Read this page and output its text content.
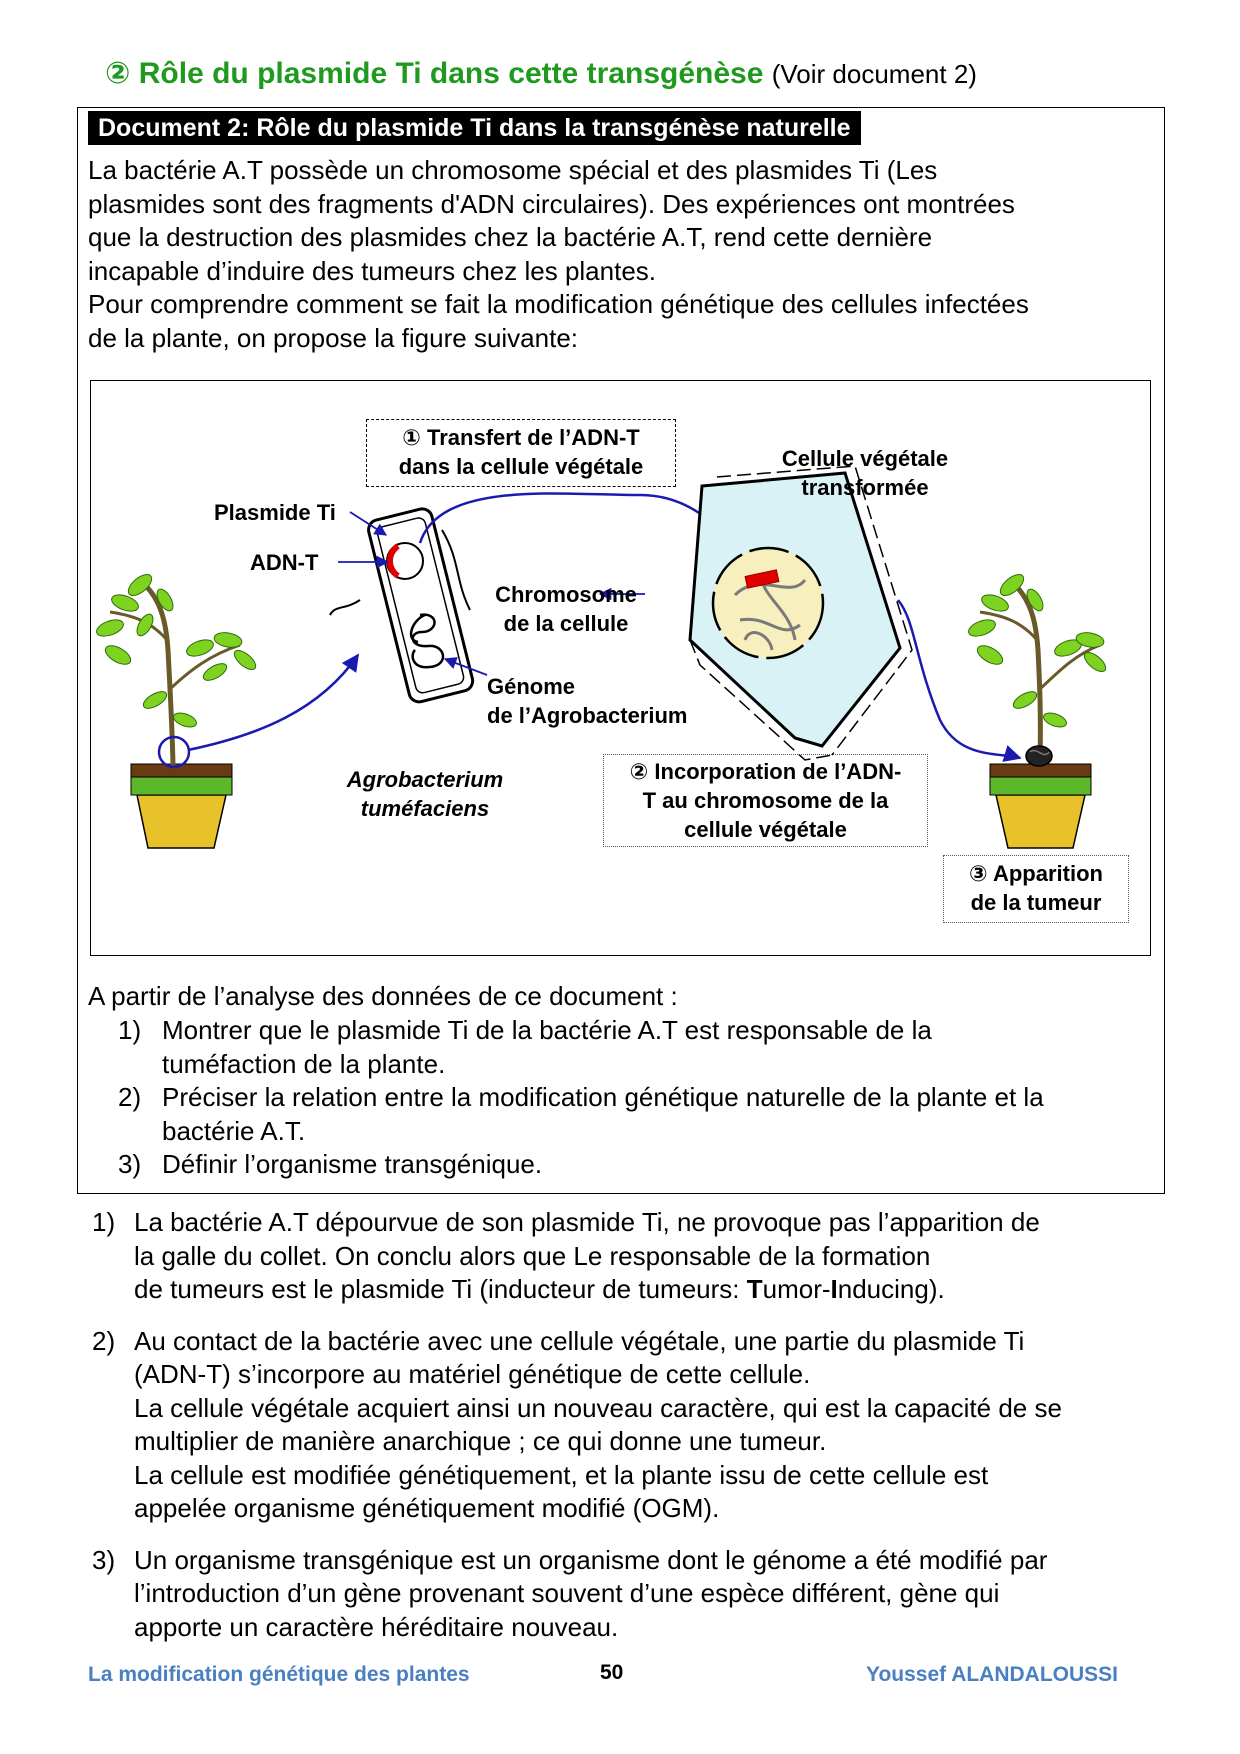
② Rôle du plasmide Ti dans cette transgénèse (Voir document 2)
Document 2: Rôle du plasmide Ti dans la transgénèse naturelle
La bactérie A.T possède un chromosome spécial et des plasmides Ti (Les
plasmides sont des fragments d'ADN circulaires). Des expériences ont montrées
que la destruction des plasmides chez la bactérie A.T, rend cette dernière
incapable d’induire des tumeurs chez les plantes.
Pour comprendre comment se fait la modification génétique des cellules infectées
de la plante, on propose la figure suivante:
① Transfert de l’ADN-T
dans la cellule végétale
Plasmide Ti
ADN-T
Cellule végétale
transformée
Chromosome
de la cellule
Génome
de l’Agrobacterium
Agrobacterium
tuméfaciens
② Incorporation de l’ADN-
T au chromosome de la
cellule végétale
③ Apparition
de la tumeur
A partir de l’analyse des données de ce document :
1) Montrer que le plasmide Ti de la bactérie A.T est responsable de la
tuméfaction de la plante.
2) Préciser la relation entre la modification génétique naturelle de la plante et la
bactérie A.T.
3) Définir l’organisme transgénique.
1) La bactérie A.T dépourvue de son plasmide Ti, ne provoque pas l’apparition de
la galle du collet. On conclu alors que Le responsable de la formation
de tumeurs est le plasmide Ti (inducteur de tumeurs: Tumor-Inducing).
2) Au contact de la bactérie avec une cellule végétale, une partie du plasmide Ti
(ADN-T) s’incorpore au matériel génétique de cette cellule.
La cellule végétale acquiert ainsi un nouveau caractère, qui est la capacité de se
multiplier de manière anarchique ; ce qui donne une tumeur.
La cellule est modifiée génétiquement, et la plante issu de cette cellule est
appelée organisme génétiquement modifié (OGM).
3) Un organisme transgénique est un organisme dont le génome a été modifié par
l’introduction d’un gène provenant souvent d’une espèce différent, gène qui
apporte un caractère héréditaire nouveau.
La modification génétique des plantes	50	Youssef ALANDALOUSSI
